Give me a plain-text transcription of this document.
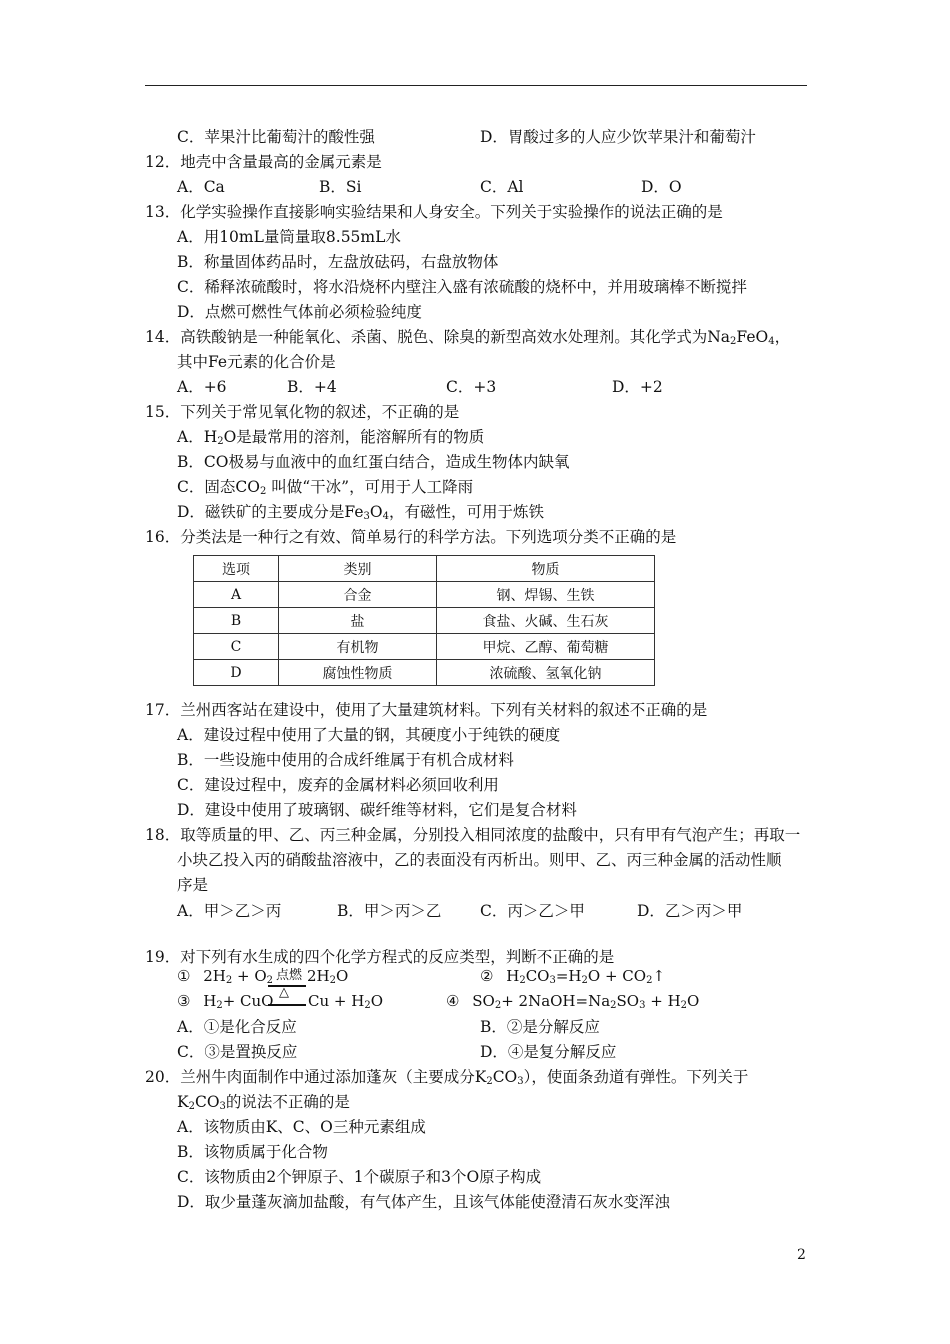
C．苹果汁比葡萄汁的酸性强	D．胃酸过多的人应少饮苹果汁和葡萄汁
12．地壳中含量最高的金属元素是
A．Ca	B．Si	C．Al	D．O
13．化学实验操作直接影响实验结果和人身安全。下列关于实验操作的说法正确的是
A．用10mL量筒量取8.55mL水
B．称量固体药品时，左盘放砝码，右盘放物体
C．稀释浓硫酸时，将水沿烧杯内壁注入盛有浓硫酸的烧杯中，并用玻璃棒不断搅拌
D．点燃可燃性气体前必须检验纯度
14．高铁酸钠是一种能氧化、杀菌、脱色、除臭的新型高效水处理剂。其化学式为$Na_2FeO_4$，
其中Fe元素的化合价是
A．+6	B．+4	C．+3	D．+2
15．下列关于常见氧化物的叙述，不正确的是
A．$H_2O$是最常用的溶剂，能溶解所有的物质
B．CO极易与血液中的血红蛋白结合，造成生物体内缺氧
C．固态$CO_2$ 叫做“干冰”，可用于人工降雨
D．磁铁矿的主要成分是$Fe_3O_4$，有磁性，可用于炼铁
16．分类法是一种行之有效、简单易行的科学方法。下列选项分类不正确的是
选项	类别	物质
A	合金	钢、焊锡、生铁
B	盐	食盐、火碱、生石灰
C	有机物	甲烷、乙醇、葡萄糖
D	腐蚀性物质	浓硫酸、氢氧化钠
17．兰州西客站在建设中，使用了大量建筑材料。下列有关材料的叙述不正确的是
A．建设过程中使用了大量的钢，其硬度小于纯铁的硬度
B．一些设施中使用的合成纤维属于有机合成材料
C．建设过程中，废弃的金属材料必须回收利用
D．建设中使用了玻璃钢、碳纤维等材料，它们是复合材料
18．取等质量的甲、乙、丙三种金属，分别投入相同浓度的盐酸中，只有甲有气泡产生；再取一
小块乙投入丙的硝酸盐溶液中，乙的表面没有丙析出。则甲、乙、丙三种金属的活动性顺
序是
A．甲＞乙＞丙	B．甲＞丙＞乙 C．丙＞乙＞甲	D．乙＞丙＞甲
19．对下列有水生成的四个化学方程式的反应类型，判断不正确的是
① $2H_2 + O_2$ 点燃 $2H_2O$	② $H_2CO_3=H_2O$ + $CO_2↑$
③ $H_2+$ CuO △ $Cu + H_2O$	④ $SO_2+$ $2NaOH=Na_2SO_3 + H_2O$
A．①是化合反应	B．②是分解反应
C．③是置换反应	D．④是复分解反应
20．兰州牛肉面制作中通过添加蓬灰（主要成分$K_2CO_3$），使面条劲道有弹性。下列关于
$K_2CO_3$的说法不正确的是
A．该物质由K、C、O三种元素组成
B．该物质属于化合物
C．该物质由2个钾原子、1个碳原子和3个O原子构成
D．取少量蓬灰滴加盐酸，有气体产生，且该气体能使澄清石灰水变浑浊
2
